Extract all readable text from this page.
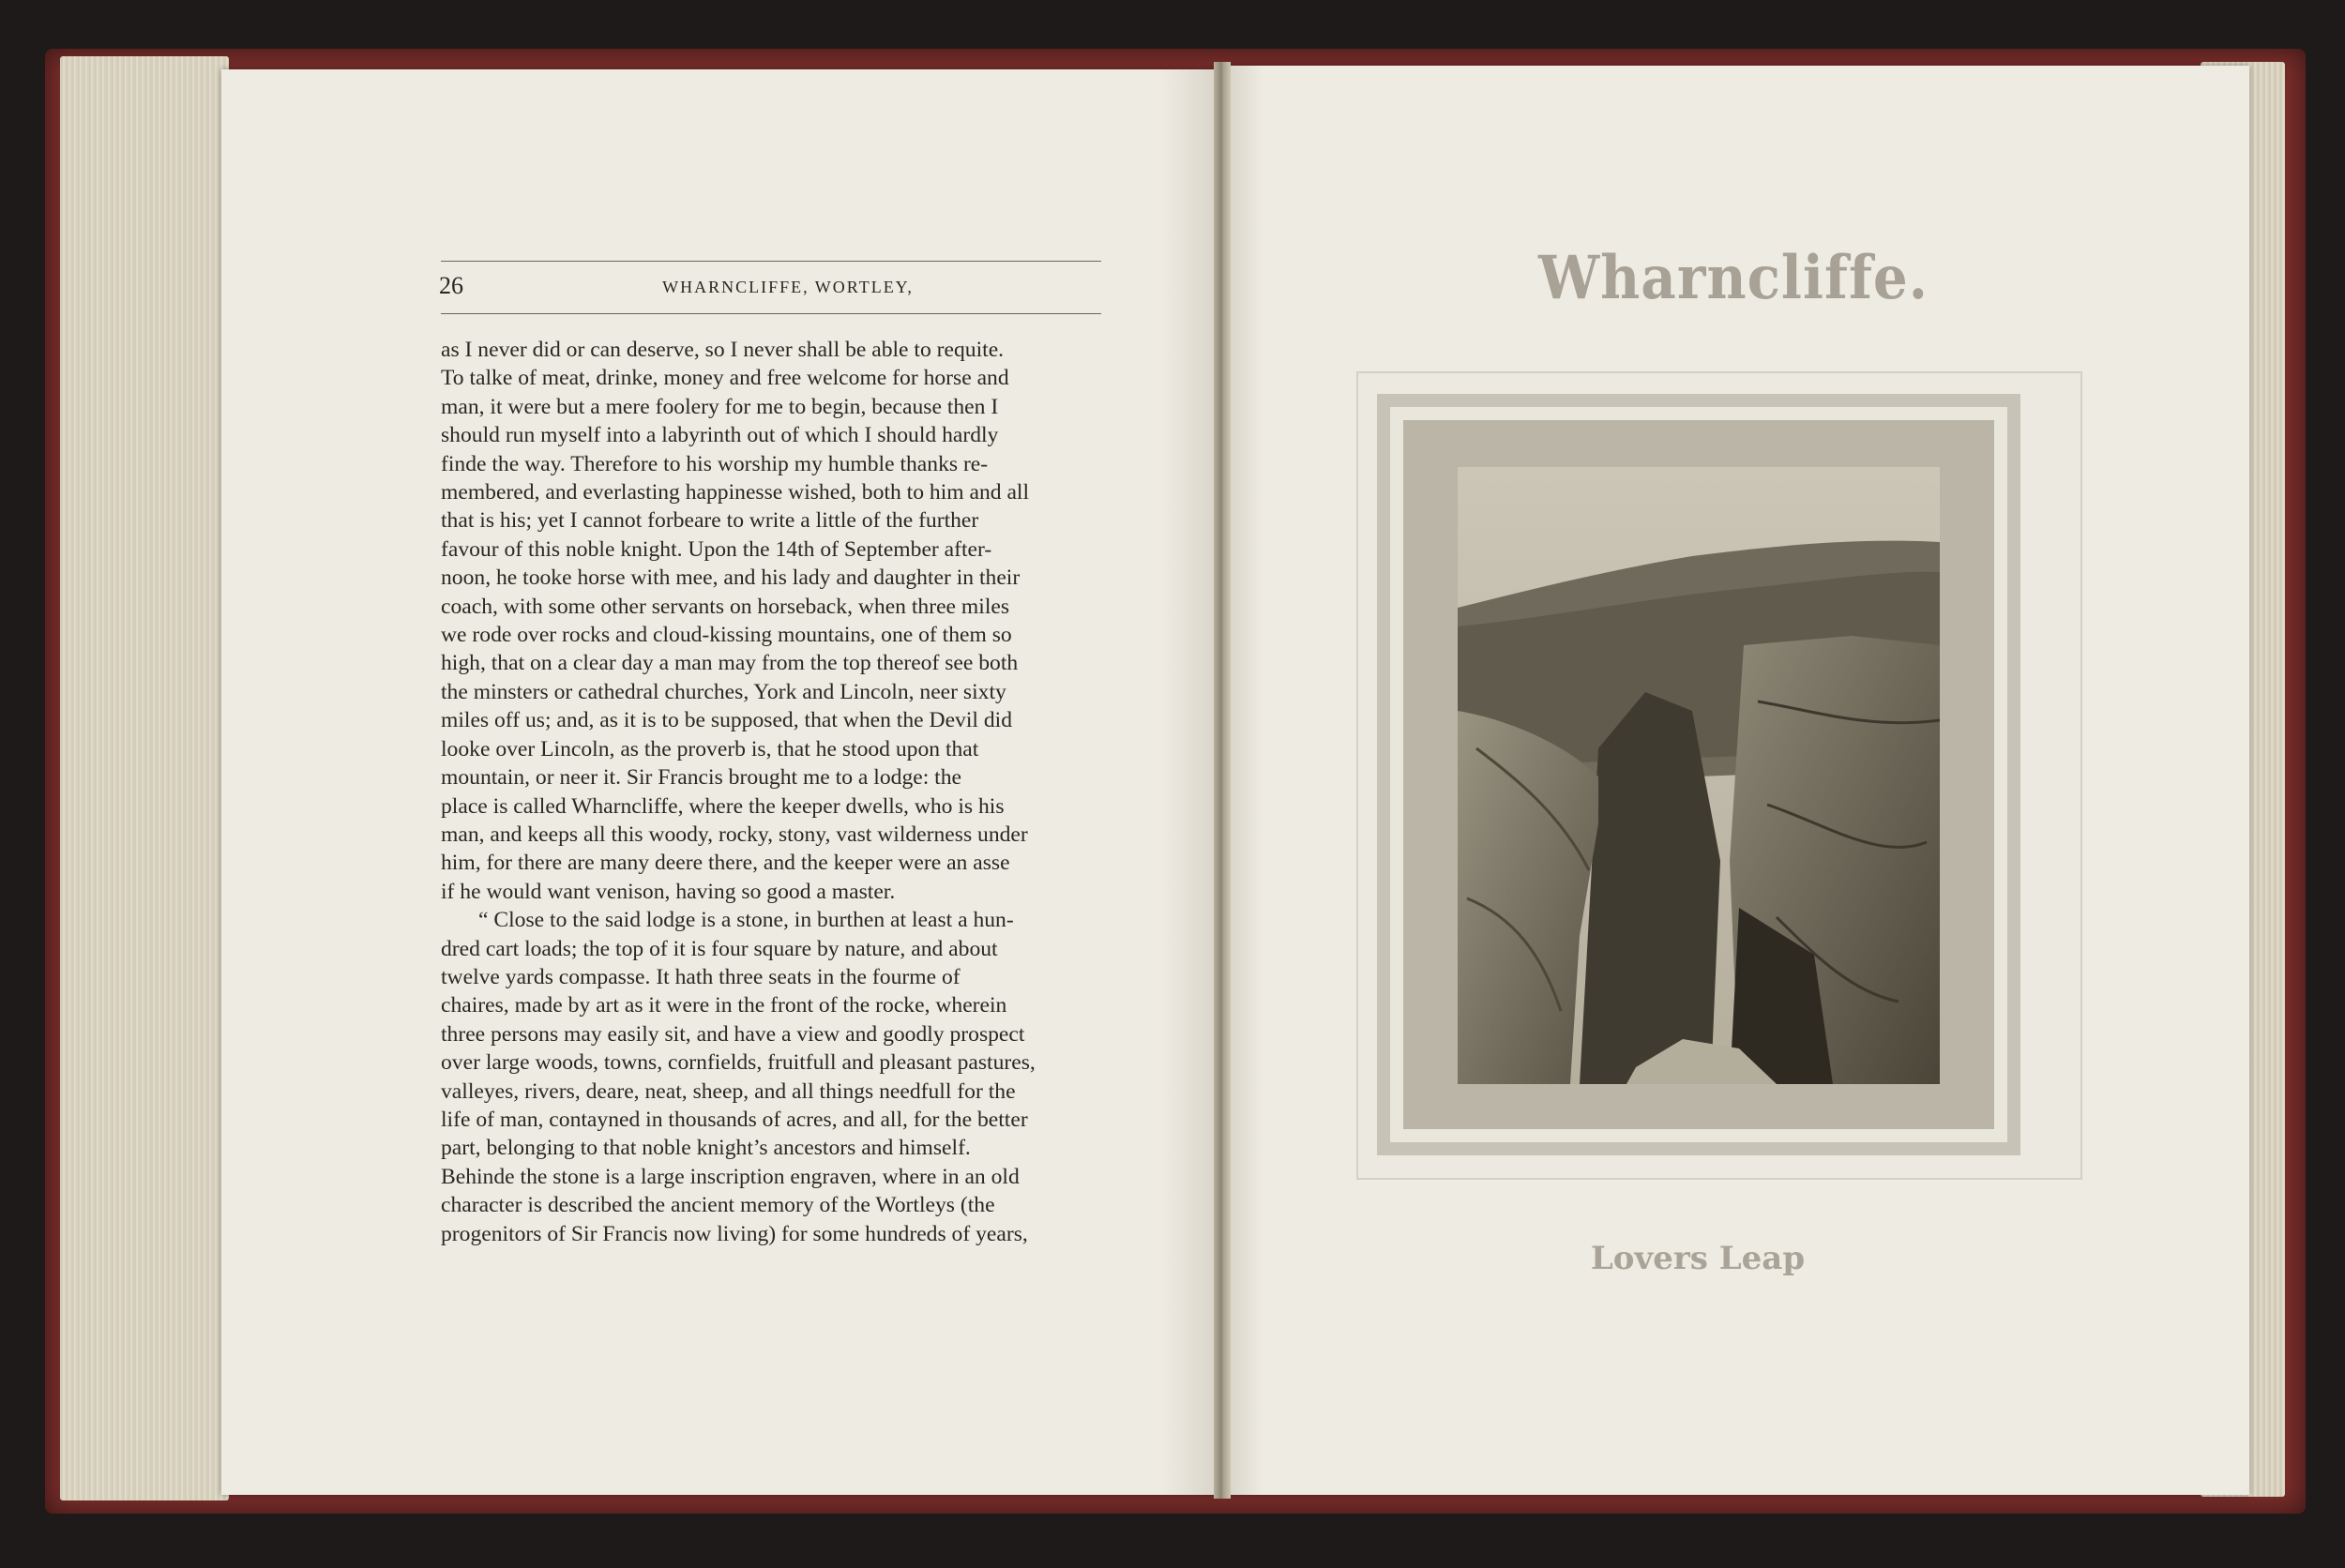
26	WHARNCLIFFE, WORTLEY,

as I never did or can deserve, so I never shall be able to requite.
To talke of meat, drinke, money and free welcome for horse and
man, it were but a mere foolery for me to begin, because then I
should run myself into a labyrinth out of which I should hardly
finde the way. Therefore to his worship my humble thanks re-
membered, and everlasting happinesse wished, both to him and all
that is his; yet I cannot forbeare to write a little of the further
favour of this noble knight. Upon the 14th of September after-
noon, he tooke horse with mee, and his lady and daughter in their
coach, with some other servants on horseback, when three miles
we rode over rocks and cloud-kissing mountains, one of them so
high, that on a clear day a man may from the top thereof see both
the minsters or cathedral churches, York and Lincoln, neer sixty
miles off us; and, as it is to be supposed, that when the Devil did
looke over Lincoln, as the proverb is, that he stood upon that
mountain, or neer it. Sir Francis brought me to a lodge: the
place is called Wharncliffe, where the keeper dwells, who is his
man, and keeps all this woody, rocky, stony, vast wilderness under
him, for there are many deere there, and the keeper were an asse
if he would want venison, having so good a master.

“ Close to the said lodge is a stone, in burthen at least a hun-
dred cart loads; the top of it is four square by nature, and about
twelve yards compasse. It hath three seats in the fourme of
chaires, made by art as it were in the front of the rocke, wherein
three persons may easily sit, and have a view and goodly prospect
over large woods, towns, cornfields, fruitfull and pleasant pastures,
valleyes, rivers, deare, neat, sheep, and all things needfull for the
life of man, contayned in thousands of acres, and all, for the better
part, belonging to that noble knight’s ancestors and himself.
Behinde the stone is a large inscription engraven, where in an old
character is described the ancient memory of the Wortleys (the
progenitors of Sir Francis now living) for some hundreds of years,

Wharncliffe.
Lovers Leap
